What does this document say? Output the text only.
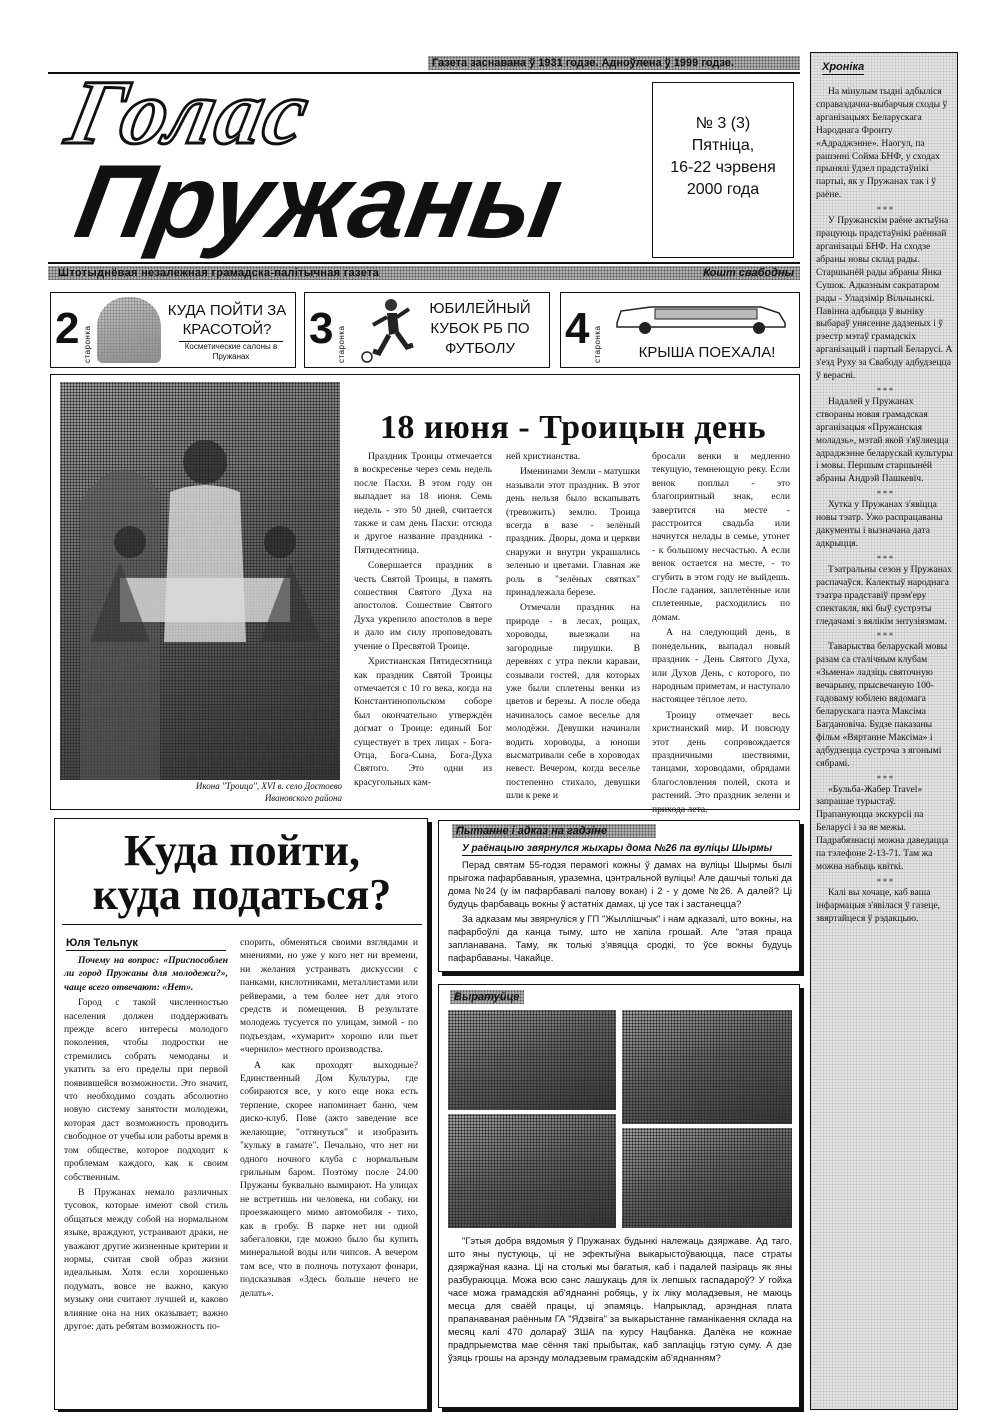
Газета заснавана ў 1931 годзе. Адноўлена ў 1999 годзе.
Голас
Пружаны
№ 3 (3)
Пятніца,
16-22 чэрвеня
2000 года
Штотыднёвая незалежная грамадска-палітычная газета	Кошт свабодны
2 старонка
КУДА ПОЙТИ ЗА КРАСОТОЙ?
Косметические салоны в Пружанах
3 старонка
ЮБИЛЕЙНЫЙ КУБОК РБ ПО ФУТБОЛУ	4 старонка	КРЫША ПОЕХАЛА!
Икона "Троица", XVI в. село Достоево Ивановского района
18 июня - Троицын день

Праздник Троицы отмечается в воскресенье через семь недель после Пасхи. В этом году он выпадает на 18 июня. Семь недель - это 50 дней, считается также и сам день Пасхи: отсюда и другое название праздника - Пятидесятница.

Совершается праздник в честь Святой Троицы, в память сошествия Святого Духа на апостолов. Сошествие Святого Духа укрепило апостолов в вере и дало им силу проповедовать учение о Пресвятой Троице.

Христианская Пятидесятница как праздник Святой Троицы отмечается с 10 го века, когда на Константинопольском соборе был окончательно утверждён догмат о Троице: единый Бог существует в трех лицах - Бога-Отца, Бога-Сына, Бога-Духа Святого. Это одни из красугольных кам-

ней христианства.

Именинами Земли - матушки называли этот праздник. В этот день нельзя было вскапывать (тревожить) землю. Троица всегда в вазе - зелёный праздник. Дворы, дома и церкви снаружи и внутри украшались зеленью и цветами. Главная же роль в "зелёных святках" принадлежала березе.

Отмечали праздник на природе - в лесах, рощах, хороводы, выезжали на загородные пирушки. В деревнях с утра пекли караваи, созывали гостей, для которых уже были сплетены венки из цветов и березы. А после обеда начиналось самое веселье для молодёжи. Девушки начинали водить хороводы, а юноши высматривали себе в хороводах невест. Вечером, когда веселье постепенно стихало, девушки шли к реке и

бросали венки в медленно текущую, темнеющую реку. Если венок поплыл - это благоприятный знак, если завертится на месте - расстроится свадьба или начнутся нелады в семье, утонет - к большому несчастью. А если венок остается на месте, - то сгубить в этом году не выйдешь. После гадания, заплетённые или сплетенные, расходились по домам.

А на следующий день, в понедельник, выпадал новый праздник - День Святого Духа, или Духов День, с которого, по народным приметам, и наступало настоящее тёплое лето.

Троицу отмечает весь христианский мир. И повсюду этот день сопровождается праздничными шествиями, танцами, хороводами, обрядами благословления полей, скота и растений. Это праздник зелени и прихода лета.

Куда пойти,
куда податься?
Юля Тельпук

Почему на вопрос: «Приспособлен ли город Пружаны для молодежи?», чаще всего отвечают: «Нет».

Город с такой численностью населения должен поддерживать прежде всего интересы молодого поколения, чтобы подростки не стремились собрать чемоданы и укатить за его пределы при первой появившейся возможности. Это значит, что необходимо создать абсолютно новую систему занятости молодежи, которая даст возможность проводить свободное от учебы или работы время в том обществе, которое подходит к проблемам каждого, как к своим собственным.

В Пружанах немало различных тусовок, которые имеют свой стиль общаться между собой на нормальном языке, враждуют, устраивают драки, не уважают другие жизненные критерии и нормы, считая свой образ жизни идеальным. Хотя если хорошенько подумать, вовсе не важно, какую музыку они считают лучшей и, каково влияние она на них оказывает; важно другое: дать ребятам возможность по-

спорить, обменяться своими взглядами и мнениями, но уже у кого нет ни времени, ни желания устраивать дискуссии с панками, кислотниками, металлистами или рейверами, а тем более нет для этого средств и помещения. В результате молодежь тусуется по улицам, зимой - по подъездам, «хумарит» хорошо или пьет «чернило» местного производства.

А как проходят выходные? Единственный Дом Культуры, где собираются все, у кого еще нока есть терпение, скорее напоминает баню, чем диско-клуб. Пове (ажто заведение все желающие, "отгянуться" и изобразить "кульку в гамате". Печально, что нет ни одного ночного клуба с нормальным грильным баром. Поэтому после 24.00 Пружаны буквально вымирают. На улицах не встретишь ни человека, ни собаку, ни проезжающего мимо автомобиля - тихо, как в гробу. В парке нет ни одной забегаловки, где можно было бы купить минеральной воды или чипсов. А вечером там все, что в полночь потухают фонари, подсказывая «Здесь больше нечего не делать».

Пытанне і адказ на гадзіне
У раёнацыю звярнулся жыхары дома №26 па вуліцы Шырмы

Перад святам 55-годзя перамогі кожны ў дамах на вуліцы Шырмы былі прыгожа пафарбаваныя, ураземна, цэнтральной вуліцы! Але дашчыі толькі да дома №24 (у ім пафарбавалі палову вокан) і 2 - у доме №26. А далей? Ці будуць фарбаваць вокны ў астатніх дамах, ці усе так і застанецца?

За адказам мы звярнуліся у ГП "Жыллішчык" і нам адказалі, што вокны, на пафарбоўлі да канца тыму, што не хапіла грошай. Але "этая праца запланавана. Таму, як толькі з'явяцца сродкі, то ўсе вокны будуць пафарбаваны. Чакайце.

Выратуйце

"Гэтыя добра вядомыя ў Пружанах будынкі належаць дзяржаве. Ад таго, што яны пустуюць, ці не эфектыўна выкарыстоўваюцца, пасе страты дзяржаўная казна. Ці на столькі мы багатыя, каб і падалей пазіраць як яны разбураюцца. Можа всю сэнс лашукаць для іх лепшых гаспадароў? У гойха часе можа грамадскія аб'яднанні робяць, у іх ліку моладзевыя, не маюць месца для сваёй працы, ці эпамяць. Напрыклад, арэндная плата прапанаваная раённым ГА "Ядзвіга" за выкарыстанне гаманікаення склада на месяц калі 470 долараў ЗША па курсу Нацбанка. Далёка не кожнае прадпрыемства мае сёння такі прыбытак, каб заплаціць гэтую суму. А дзе ўзяць грошы на арэнду моладзевым грамадскім аб'яднанням?

Хроніка

На мінулым тыдні адбыліся справаздачна-выбарчыя сходы ў арганізацыях Беларускага Народнага Фронту «Адраджэнне». Наогул, па рашэнні Сойма БНФ, у сходах прынялі ўдзел прадстаўнікі партыі, як у Пружанах так і ў раёне.

* * *

У Пружанскім раёне актыўна працуюць прадстаўнікі раённай арганізацыі БНФ. На сходзе абраны новы склад рады. Старшынёй рады абраны Янка Сушок. Адказным сакратаром рады - Уладзімір Вільчынскі. Павінна адбыцца ў выніку выбараў унясенне дадзеных і ў рэестр мэтаў грамадскіх арганізацый і партый Беларусі. А з'езд Руху за Свабоду адбудзецца ў верасні.

* * *

Надалей у Пружанах створаны новая грамадская арганізацыя «Пружанская моладзь», мэтай якой з'яўляецца адраджэнне беларускай культуры і мовы. Першым старшынёй абраны Андрэй Пашкевіч.

* * *

Хутка у Пружанах з'явіцца новы тэатр. Ужо распрацаваны дакументы і вызначана дата адкрыцця.

* * *

Тэатральны сезон у Пружанах распачаўся. Калектыў народнага тэатра прадставіў прэм'еру спектакля, які быў сустрэты гледачамі з вялікім энтузіязмам.

* * *

Таварыства беларускай мовы разам са сталічным клубам «Зьмена» ладзіць святочную вечарыну, прысвечаную 100-гадоваму юбілею вядомага беларускага паэта Максіма Багдановіча. Будзе паказаны фільм «Вяртанне Максіма» і адбудзецца сустрэча з ягонымі сябрамі.

* * *

«Бульба-Жабер Travel» запрашае турыстаў. Прапануюцца экскурсіі па Беларусі і за яе межы. Падрабязнасці можна даведацца па тэлефоне 2-13-71. Там жа можна набыць квіткі.

* * *

Калі вы хочаце, каб ваша інфармацыя з'явілася ў газеце, звяртайцеся ў рэдакцыю.
